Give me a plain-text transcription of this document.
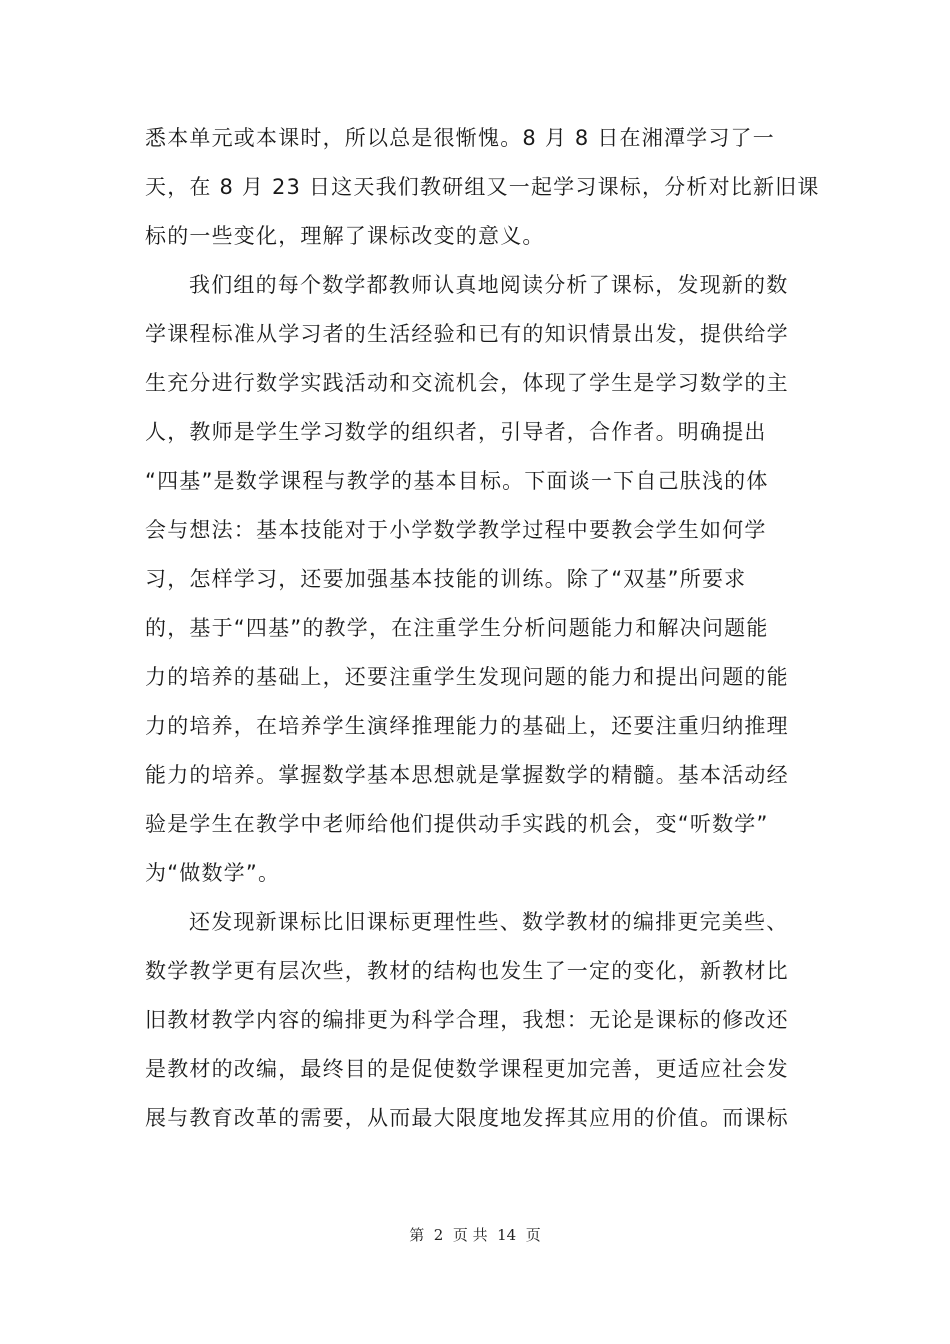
悉本单元或本课时，所以总是很惭愧。8 月 8 日在湘潭学习了一
天，在 8 月 23 日这天我们教研组又一起学习课标，分析对比新旧课
标的一些变化，理解了课标改变的意义。
我们组的每个数学都教师认真地阅读分析了课标，发现新的数
学课程标准从学习者的生活经验和已有的知识情景出发，提供给学
生充分进行数学实践活动和交流机会，体现了学生是学习数学的主
人，教师是学生学习数学的组织者，引导者，合作者。明确提出
“四基”是数学课程与教学的基本目标。下面谈一下自己肤浅的体
会与想法：基本技能对于小学数学教学过程中要教会学生如何学
习，怎样学习，还要加强基本技能的训练。除了“双基”所要求
的，基于“四基”的教学，在注重学生分析问题能力和解决问题能
力的培养的基础上，还要注重学生发现问题的能力和提出问题的能
力的培养，在培养学生演绎推理能力的基础上，还要注重归纳推理
能力的培养。掌握数学基本思想就是掌握数学的精髓。基本活动经
验是学生在教学中老师给他们提供动手实践的机会，变“听数学”
为“做数学”。
还发现新课标比旧课标更理性些、数学教材的编排更完美些、
数学教学更有层次些，教材的结构也发生了一定的变化，新教材比
旧教材教学内容的编排更为科学合理，我想：无论是课标的修改还
是教材的改编，最终目的是促使数学课程更加完善，更适应社会发
展与教育改革的需要，从而最大限度地发挥其应用的价值。而课标
第  2  页 共  14  页
